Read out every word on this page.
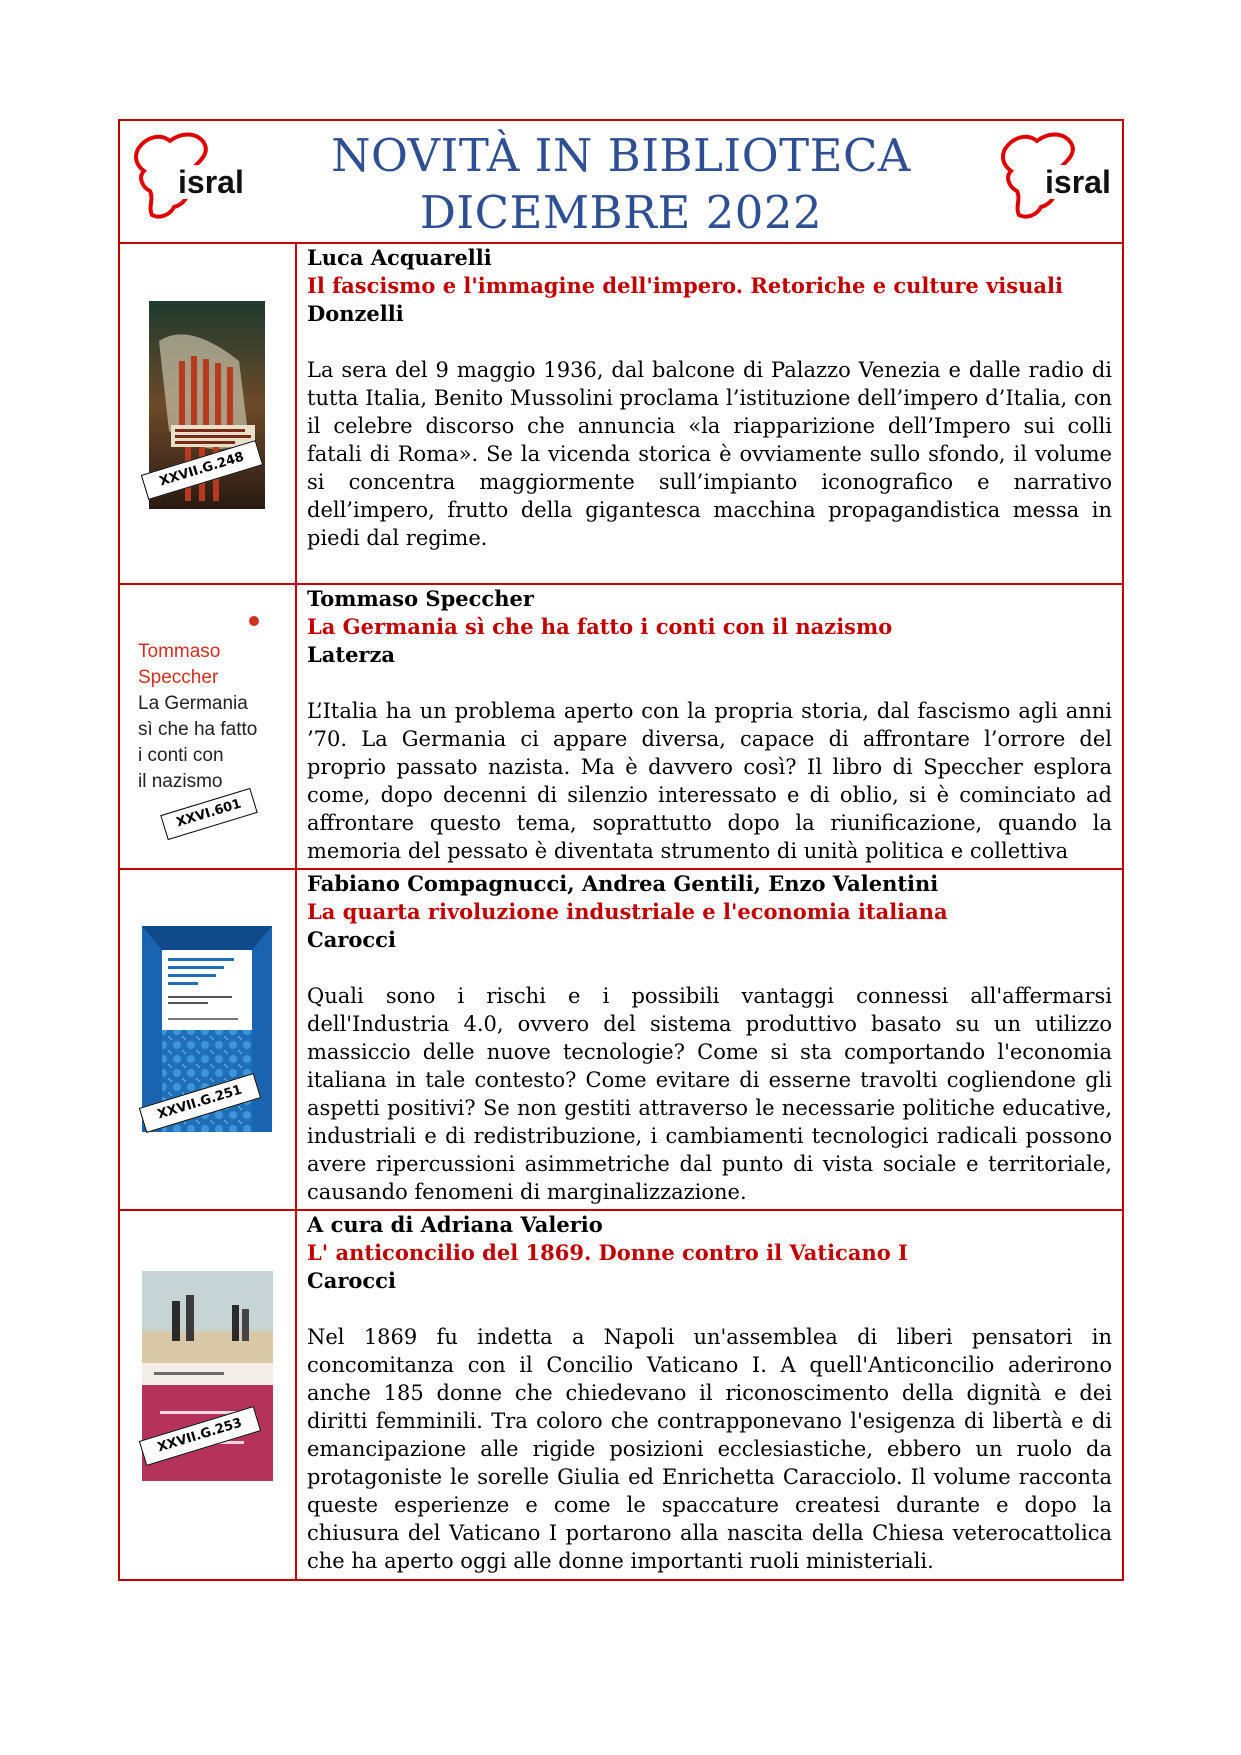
isral	NOVITÀ IN BIBLIOTECA
DICEMBRE 2022
isral
XXVII.G.248
Luca Acquarelli
Il fascismo e l'immagine dell'impero. Retoriche e culture visuali
Donzelli
La sera del 9 maggio 1936, dal balcone di Palazzo Venezia e dalle radio di tutta Italia, Benito Mussolini proclama l’istituzione dell’impero d’Italia, con il celebre discorso che annuncia «la riapparizione dell’Impero sui colli fatali di Roma». Se la vicenda storica è ovviamente sullo sfondo, il volume si concentra maggiormente sull’impianto iconografico e narrativo dell’impero, frutto della gigantesca macchina propagandistica messa in piedi dal regime.
Tommaso
Speccher
La Germania
sì che ha fatto
i conti con
il nazismo
XXVI.601
Tommaso Speccher
La Germania sì che ha fatto i conti con il nazismo
Laterza
L’Italia ha un problema aperto con la propria storia, dal fascismo agli anni ’70. La Germania ci appare diversa, capace di affrontare l’orrore del proprio passato nazista. Ma è davvero così? Il libro di Speccher esplora come, dopo decenni di silenzio interessato e di oblio, si è cominciato ad affrontare questo tema, soprattutto dopo la riunificazione, quando la memoria del pessato è diventata strumento di unità politica e collettiva
XXVII.G.251
Fabiano Compagnucci, Andrea Gentili, Enzo Valentini
La quarta rivoluzione industriale e l'economia italiana
Carocci
Quali sono i rischi e i possibili vantaggi connessi all'affermarsi dell'Industria 4.0, ovvero del sistema produttivo basato su un utilizzo massiccio delle nuove tecnologie? Come si sta comportando l'economia italiana in tale contesto? Come evitare di esserne travolti cogliendone gli aspetti positivi? Se non gestiti attraverso le necessarie politiche educative, industriali e di redistribuzione, i cambiamenti tecnologici radicali possono avere ripercussioni asimmetriche dal punto di vista sociale e territoriale, causando fenomeni di marginalizzazione.
XXVII.G.253
A cura di Adriana Valerio
L' anticoncilio del 1869. Donne contro il Vaticano I
Carocci
Nel 1869 fu indetta a Napoli un'assemblea di liberi pensatori in concomitanza con il Concilio Vaticano I. A quell'Anticoncilio aderirono anche 185 donne che chiedevano il riconoscimento della dignità e dei diritti femminili. Tra coloro che contrapponevano l'esigenza di libertà e di emancipazione alle rigide posizioni ecclesiastiche, ebbero un ruolo da protagoniste le sorelle Giulia ed Enrichetta Caracciolo. Il volume racconta queste esperienze e come le spaccature createsi durante e dopo la chiusura del Vaticano I portarono alla nascita della Chiesa veterocattolica che ha aperto oggi alle donne importanti ruoli ministeriali.
